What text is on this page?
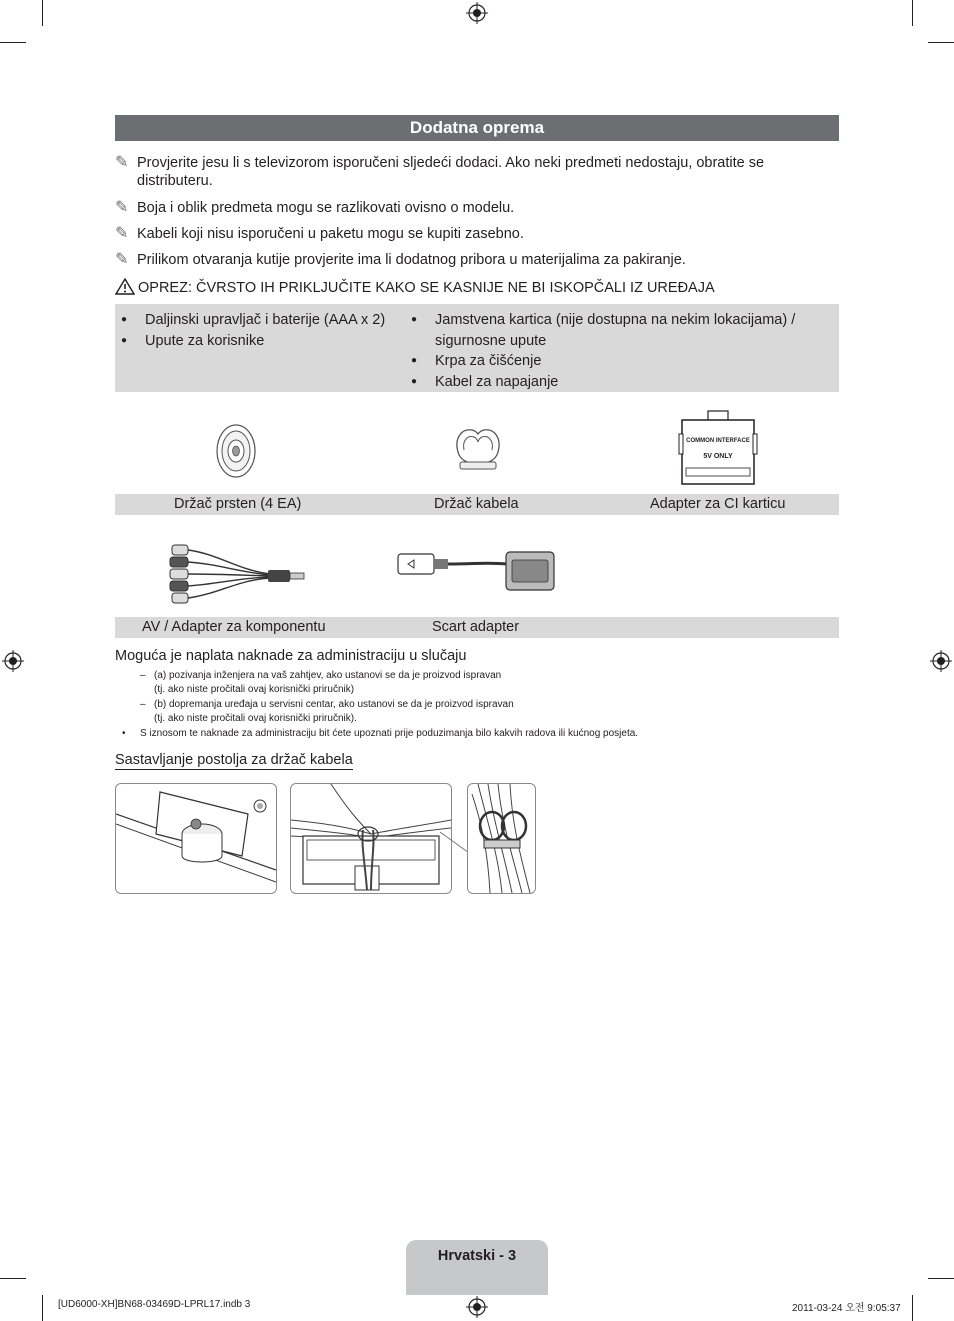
Dodatna oprema
✎ Provjerite jesu li s televizorom isporučeni sljedeći dodaci. Ako neki predmeti nedostaju, obratite se distributeru.
✎ Boja i oblik predmeta mogu se razlikovati ovisno o modelu.
✎ Kabeli koji nisu isporučeni u paketu mogu se kupiti zasebno.
✎ Prilikom otvaranja kutije provjerite ima li dodatnog pribora u materijalima za pakiranje.
OPREZ: ČVRSTO IH PRIKLJUČITE KAKO SE KASNIJE NE BI ISKOPČALI IZ UREĐAJA
● Daljinski upravljač i baterije (AAA x 2)
● Upute za korisnike
● Jamstvena kartica (nije dostupna na nekim lokacijama) / sigurnosne upute
● Krpa za čišćenje
● Kabel za napajanje
COMMON INTERFACE
5V ONLY
Držač prsten (4 EA)	Držač kabela	Adapter za CI karticu
AV / Adapter za komponentu	Scart adapter
Moguća je naplata naknade za administraciju u slučaju
– (a) pozivanja inženjera na vaš zahtjev, ako ustanovi se da je proizvod ispravan
(tj. ako niste pročitali ovaj korisnički priručnik)
– (b) dopremanja uređaja u servisni centar, ako ustanovi se da je proizvod ispravan
(tj. ako niste pročitali ovaj korisnički priručnik).
• S iznosom te naknade za administraciju bit ćete upoznati prije poduzimanja bilo kakvih radova ili kućnog posjeta.
Sastavljanje postolja za držač kabela
Hrvatski - 3
[UD6000-XH]BN68-03469D-LPRL17.indb 3	2011-03-24 오전 9:05:37
